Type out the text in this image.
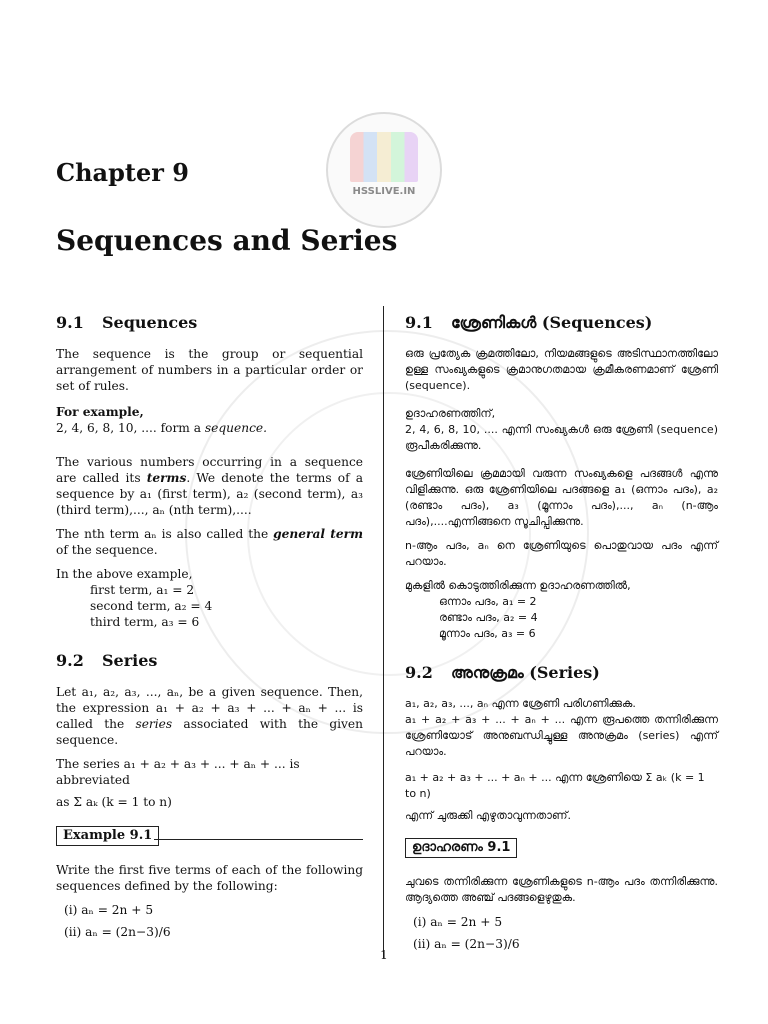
HSSLIVE.IN
Chapter 9
Sequences and Series
9.1 Sequences

The sequence is the group or sequential arrangement of numbers in a particular order or set of rules.

For example,

2, 4, 6, 8, 10, .... form a sequence.

The various numbers occurring in a sequence are called its terms. We denote the terms of a sequence by a₁ (first term), a₂ (second term), a₃ (third term),..., aₙ (nth term),....

The nth term aₙ is also called the general term of the sequence.

In the above example,
first term, a₁ = 2
second term, a₂ = 4
third term, a₃ = 6
9.2 Series

Let a₁, a₂, a₃, ..., aₙ, be a given sequence. Then, the expression a₁ + a₂ + a₃ + ... + aₙ + ... is called the series associated with the given sequence.

The series a₁ + a₂ + a₃ + ... + aₙ + ... is abbreviated
as Σ aₖ (k = 1 to n)
Example 9.1

Write the first five terms of each of the following sequences defined by the following:

(i) aₙ = 2n + 5
(ii) aₙ = (2n−3)/6
9.1 ശ്രേണികൾ (Sequences)

ഒരു പ്രത്യേക ക്രമത്തിലോ, നിയമങ്ങളുടെ അടിസ്ഥാനത്തിലോ ഉള്ള സംഖ്യകളുടെ ക്രമാനുഗതമായ ക്രമീകരണമാണ് ശ്രേണി (sequence).

ഉദാഹരണത്തിന്,

2, 4, 6, 8, 10, .... എന്നി സംഖ്യകൾ ഒരു ശ്രേണി (sequence) രൂപീകരിക്കുന്നു.

ശ്രേണിയിലെ ക്രമമായി വരുന്ന സംഖ്യകളെ പദങ്ങൾ എന്നു വിളിക്കുന്നു. ഒരു ശ്രേണിയിലെ പദങ്ങളെ a₁ (ഒന്നാം പദം), a₂ (രണ്ടാം പദം), a₃ (മൂന്നാം പദം),..., aₙ (n-ആം പദം),....എന്നിങ്ങനെ സൂചിപ്പിക്കുന്നു.

n-ആം പദം, aₙ നെ ശ്രേണിയുടെ പൊതുവായ പദം എന്ന് പറയാം.

മുകളിൽ കൊടുത്തിരിക്കുന്ന ഉദാഹരണത്തിൽ,
ഒന്നാം പദം, a₁ = 2
രണ്ടാം പദം, a₂ = 4
മൂന്നാം പദം, a₃ = 6
9.2 അനുക്രമം (Series)
a₁, a₂, a₃, ..., aₙ എന്ന ശ്രേണി പരിഗണിക്കുക.

a₁ + a₂ + a₃ + ... + aₙ + ... എന്ന രൂപത്തെ തന്നിരിക്കുന്ന ശ്രേണിയോട് അനുബന്ധിച്ചുള്ള അനുക്രമം (series) എന്ന് പറയാം.

a₁ + a₂ + a₃ + ... + aₙ + ... എന്ന ശ്രേണിയെ Σ aₖ (k = 1 to n)
എന്ന് ചുരുക്കി എഴുതാവുന്നതാണ്.
ഉദാഹരണം 9.1

ചുവടെ തന്നിരിക്കുന്ന ശ്രേണികളുടെ n-ആം പദം തന്നിരിക്കുന്നു. ആദ്യത്തെ അഞ്ച് പദങ്ങളെഴുതുക.

(i) aₙ = 2n + 5
(ii) aₙ = (2n−3)/6
1
